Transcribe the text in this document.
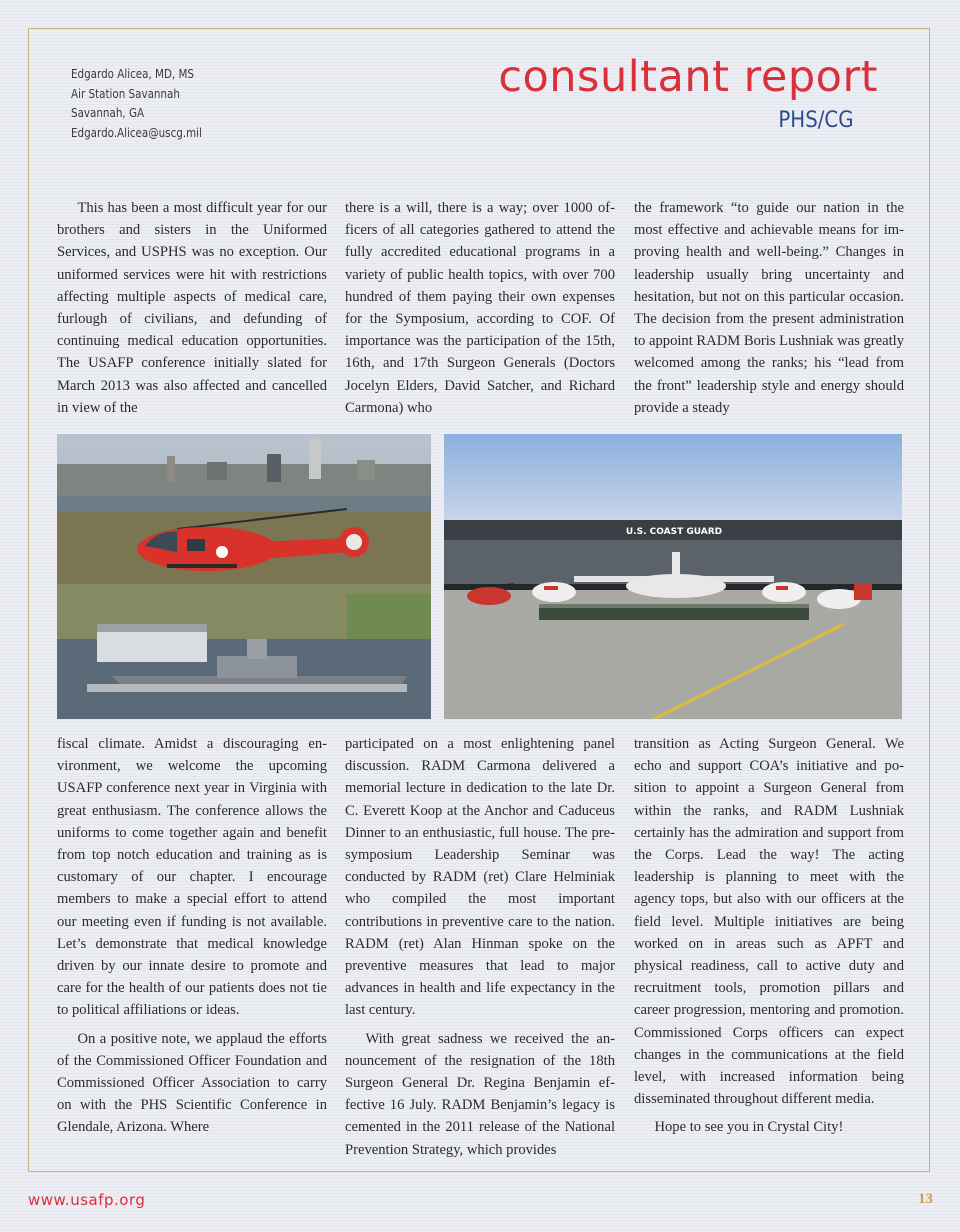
Edgardo Alicea, MD, MS
Air Station Savannah
Savannah, GA
Edgardo.Alicea@uscg.mil
consultant report
PHS/CG

This has been a most difficult year for our brothers and sisters in the Uniformed Services, and USPHS was no exception. Our uniformed services were hit with restrictions affecting multiple aspects of medical care, furlough of civilians, and defunding of continuing medical education opportunities. The USAFP conference initially slated for March 2013 was also affected and cancelled in view of the

there is a will, there is a way; over 1000 officers of all categories gathered to attend the fully accredited educational programs in a variety of public health topics, with over 700 hundred of them paying their own expenses for the Symposium, according to COF. Of importance was the participation of the 15th, 16th, and 17th Surgeon Generals (Doctors Jocelyn Elders, David Satcher, and Richard Carmona) who

the framework “to guide our nation in the most effective and achievable means for improving health and well-being.” Changes in leadership usually bring uncertainty and hesitation, but not on this particular occasion. The decision from the present administration to appoint RADM Boris Lushniak was greatly welcomed among the ranks; his “lead from the front” leadership style and energy should provide a steady

U.S. COAST GUARD

fiscal climate. Amidst a discouraging environment, we welcome the upcoming USAFP conference next year in Virginia with great enthusiasm. The conference allows the uniforms to come together again and benefit from top notch education and training as is customary of our chapter. I encourage members to make a special effort to attend our meeting even if funding is not available. Let’s demonstrate that medical knowledge driven by our innate desire to promote and care for the health of our patients does not tie to political affiliations or ideas.

On a positive note, we applaud the efforts of the Commissioned Officer Foundation and Commissioned Officer Association to carry on with the PHS Scientific Conference in Glendale, Arizona. Where

participated on a most enlightening panel discussion. RADM Carmona delivered a memorial lecture in dedication to the late Dr. C. Everett Koop at the Anchor and Caduceus Dinner to an enthusiastic, full house. The pre-symposium Leadership Seminar was conducted by RADM (ret) Clare Helminiak who compiled the most important contributions in preventive care to the nation. RADM (ret) Alan Hinman spoke on the preventive measures that lead to major advances in health and life expectancy in the last century.

With great sadness we received the announcement of the resignation of the 18th Surgeon General Dr. Regina Benjamin effective 16 July. RADM Benjamin’s legacy is cemented in the 2011 release of the National Prevention Strategy, which provides

transition as Acting Surgeon General. We echo and support COA’s initiative and position to appoint a Surgeon General from within the ranks, and RADM Lushniak certainly has the admiration and support from the Corps. Lead the way! The acting leadership is planning to meet with the agency tops, but also with our officers at the field level. Multiple initiatives are being worked on in areas such as APFT and physical readiness, call to active duty and recruitment tools, promotion pillars and career progression, mentoring and promotion. Commissioned Corps officers can expect changes in the communications at the field level, with increased information being disseminated throughout different media.

Hope to see you in Crystal City!

www.usafp.org	13
